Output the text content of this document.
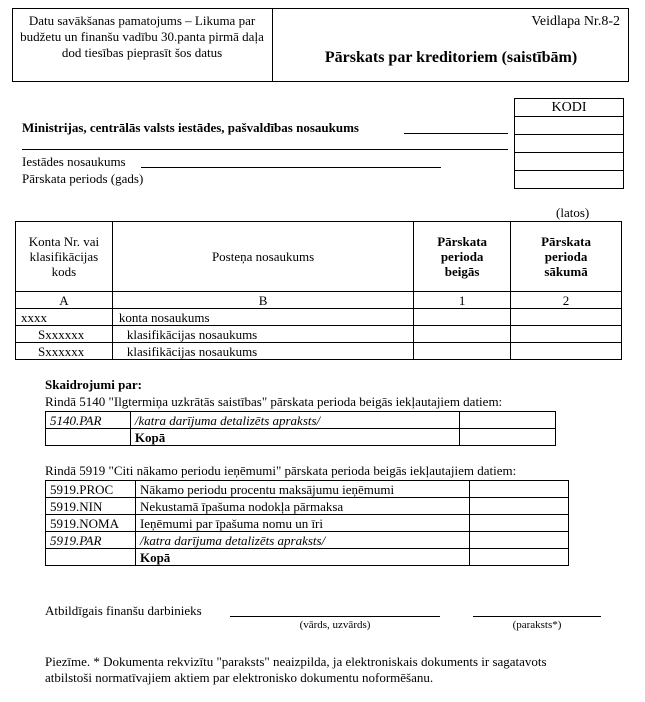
Datu savākšanas pamatojums – Likuma par budžetu un finanšu vadību 30.panta pirmā daļa dod tiesības pieprasīt šos datus
Veidlapa Nr.8-2
Pārskats par kreditoriem (saistībām)
KODI

Ministrijas, centrālās valsts iestādes, pašvaldības nosaukums
Iestādes nosaukums
Pārskata periods (gads)
(latos)
Konta Nr. vai klasifikācijas kods	Posteņa nosaukums	Pārskata perioda beigās	Pārskata perioda sākumā
A	B	1	2
xxxx	konta nosaukums		
Sxxxxxx	klasifikācijas nosaukums		
Sxxxxxx	klasifikācijas nosaukums		
Skaidrojumi par:
Rindā 5140 "Ilgtermiņa uzkrātās saistības" pārskata perioda beigās iekļautajiem datiem:
5140.PAR	/katra darījuma detalizēts apraksts/	
	Kopā	
Rindā 5919 "Citi nākamo periodu ieņēmumi" pārskata perioda beigās iekļautajiem datiem:
5919.PROC	Nākamo periodu procentu maksājumu ieņēmumi	
5919.NIN	Nekustamā īpašuma nodokļa pārmaksa	
5919.NOMA	Ieņēmumi par īpašuma nomu un īri	
5919.PAR	/katra darījuma detalizēts apraksts/	
	Kopā	
Atbildīgais finanšu darbinieks
(vārds, uzvārds)	(paraksts*)
Piezīme. * Dokumenta rekvizītu "paraksts" neaizpilda, ja elektroniskais dokuments ir sagatavots
atbilstoši normatīvajiem aktiem par elektronisko dokumentu noformēšanu.
